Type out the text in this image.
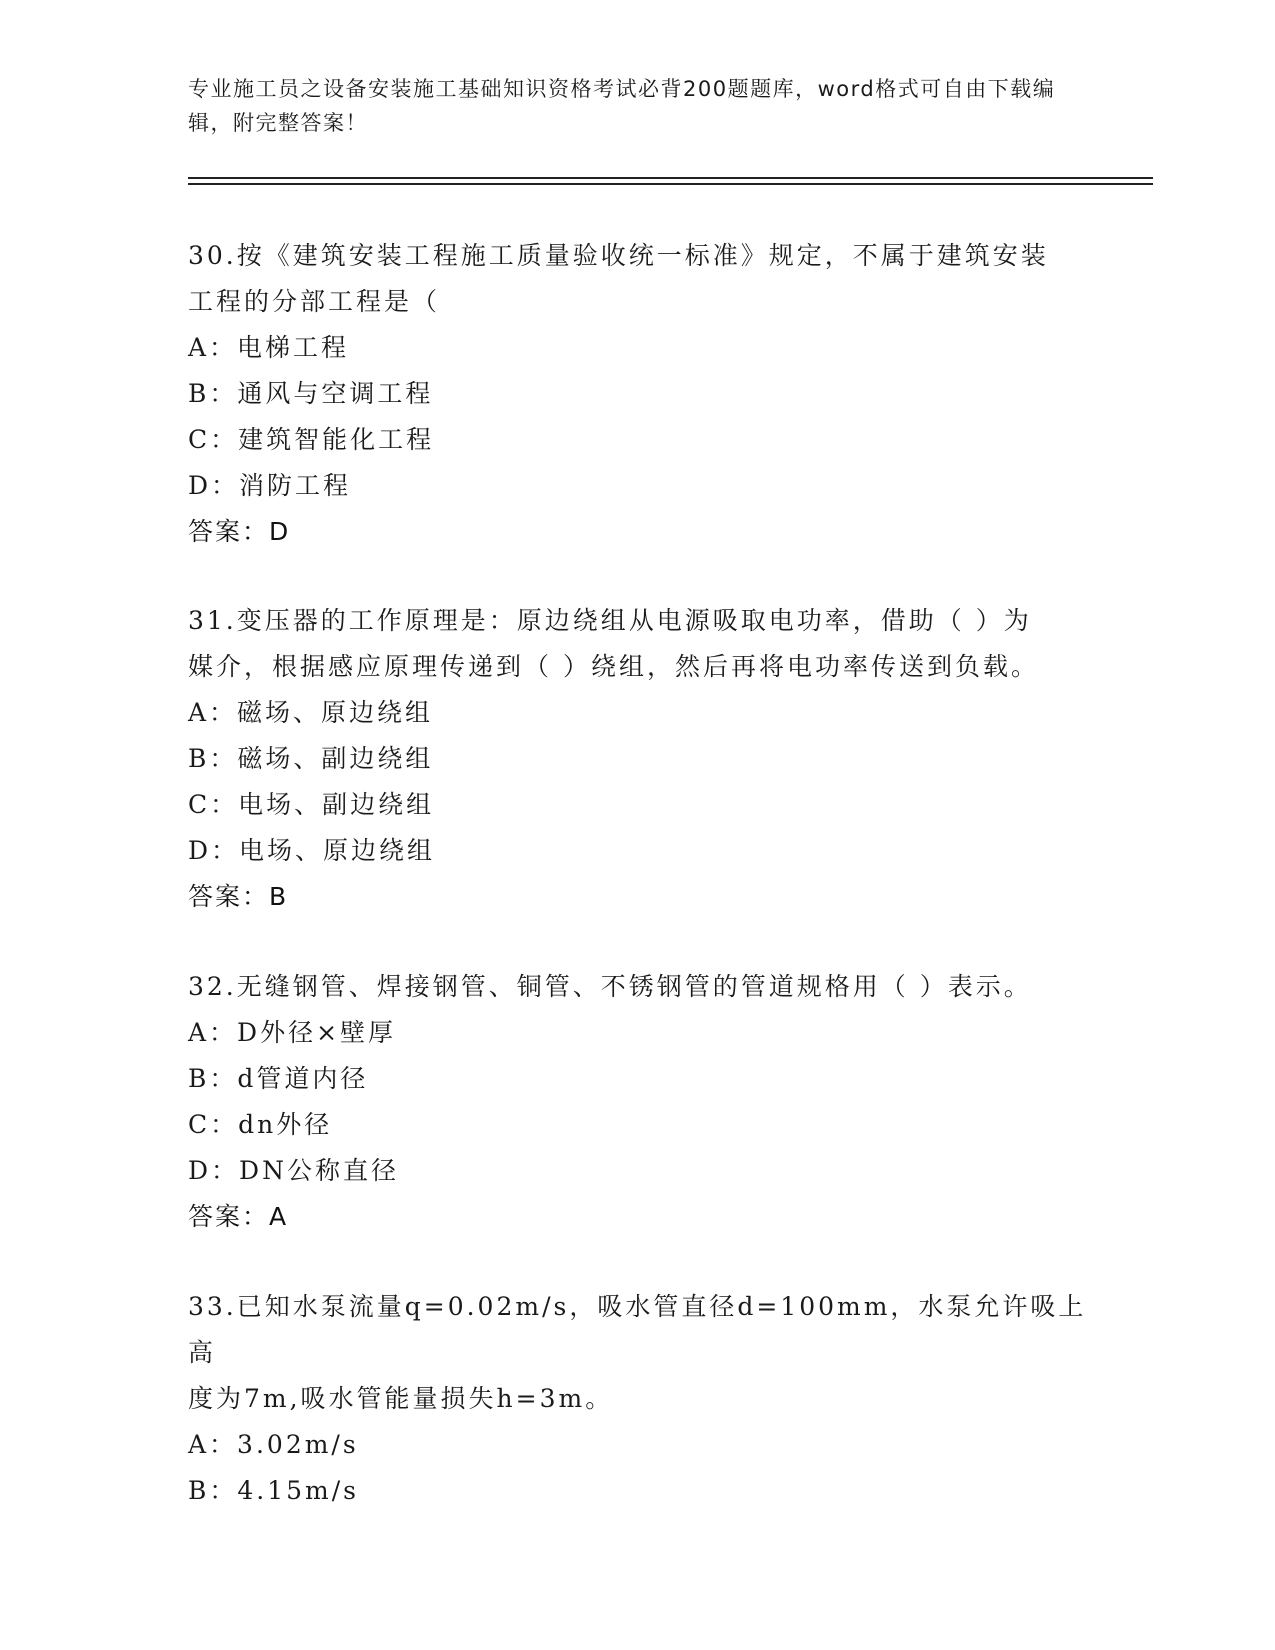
专业施工员之设备安装施工基础知识资格考试必背200题题库，word格式可自由下载编辑，附完整答案！
30.按《建筑安装工程施工质量验收统一标准》规定，不属于建筑安装
工程的分部工程是（
A：电梯工程
B：通风与空调工程
C：建筑智能化工程
D：消防工程
答案：D
31.变压器的工作原理是：原边绕组从电源吸取电功率，借助（ ）为
媒介，根据感应原理传递到（ ）绕组，然后再将电功率传送到负载。
A：磁场、原边绕组
B：磁场、副边绕组
C：电场、副边绕组
D：电场、原边绕组
答案：B
32.无缝钢管、焊接钢管、铜管、不锈钢管的管道规格用（ ）表示。
A：D外径×壁厚
B：d管道内径
C：dn外径
D：DN公称直径
答案：A
33.已知水泵流量q=0.02m/s，吸水管直径d=100mm，水泵允许吸上高
度为7m,吸水管能量损失h=3m。
A：3.02m/s
B：4.15m/s
